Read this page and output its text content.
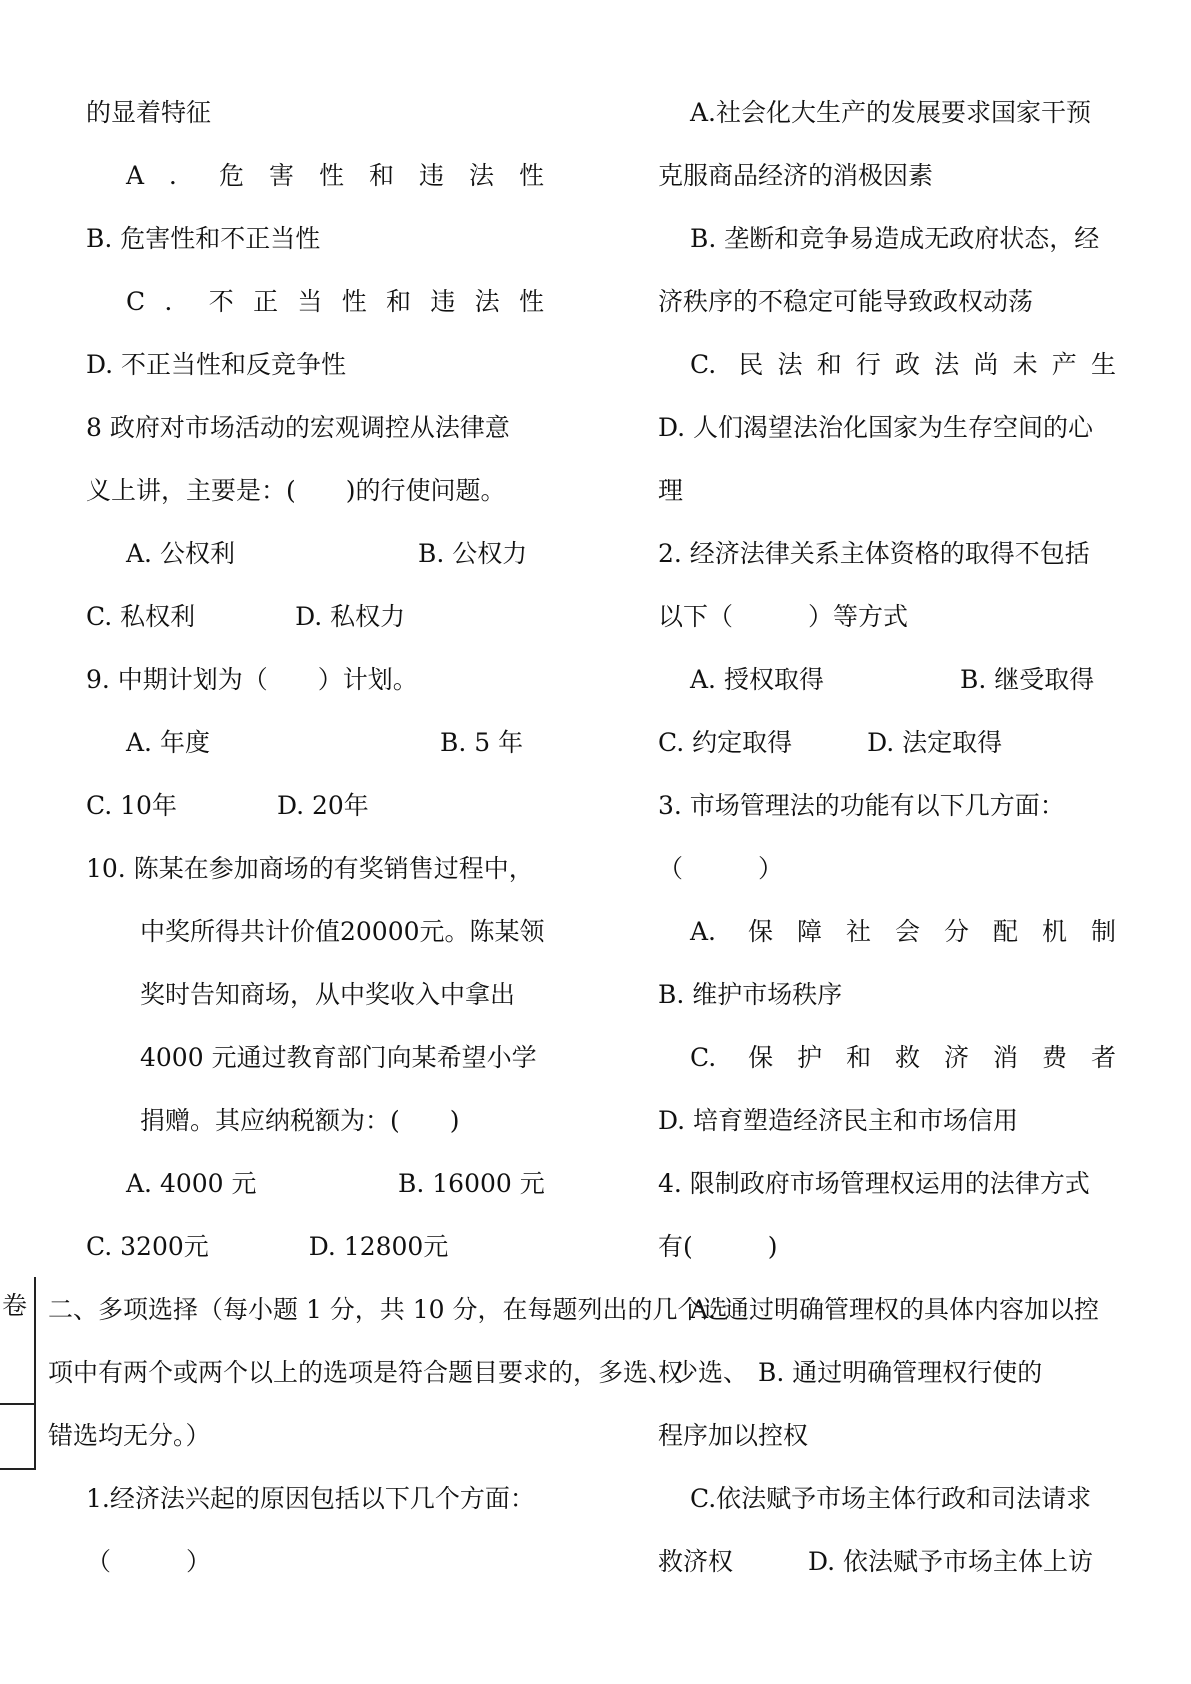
卷
的显着特征
A．危害性和违法性
B. 危害性和不正当性
C．不正当性和违法性
D. 不正当性和反竞争性
8 政府对市场活动的宏观调控从法律意
义上讲，主要是：(　　)的行使问题。
A. 公权利	B. 公权力
C. 私权利　　　　D. 私权力
9. 中期计划为（　　）计划。
A. 年度	B. 5 年
C. 10年　　　　D. 20年
10. 陈某在参加商场的有奖销售过程中，
中奖所得共计价值20000元。陈某领
奖时告知商场，从中奖收入中拿出
4000 元通过教育部门向某希望小学
捐赠。其应纳税额为：(　　)
A. 4000 元	B. 16000 元
C. 3200元　　　　D. 12800元
二、多项选择（每小题 1 分，共 10 分，在每题列出的几个选
项中有两个或两个以上的选项是符合题目要求的，多选、少选、
错选均无分。）
1.经济法兴起的原因包括以下几个方面：
（　　　）
A.社会化大生产的发展要求国家干预
克服商品经济的消极因素
B. 垄断和竞争易造成无政府状态，经
济秩序的不稳定可能导致政权动荡
C. 民法和行政法尚未产生
D. 人们渴望法治化国家为生存空间的心
理
2. 经济法律关系主体资格的取得不包括
以下（　　　）等方式
A. 授权取得	B. 继受取得
C. 约定取得　　　D. 法定取得
3. 市场管理法的功能有以下几方面：
（　　　）
A. 保障社会分配机制
B. 维护市场秩序
C. 保护和救济消费者
D. 培育塑造经济民主和市场信用
4. 限制政府市场管理权运用的法律方式
有(　　　)
A. 通过明确管理权的具体内容加以控
权　　　B. 通过明确管理权行使的
程序加以控权
C.依法赋予市场主体行政和司法请求
救济权　　　D. 依法赋予市场主体上访
